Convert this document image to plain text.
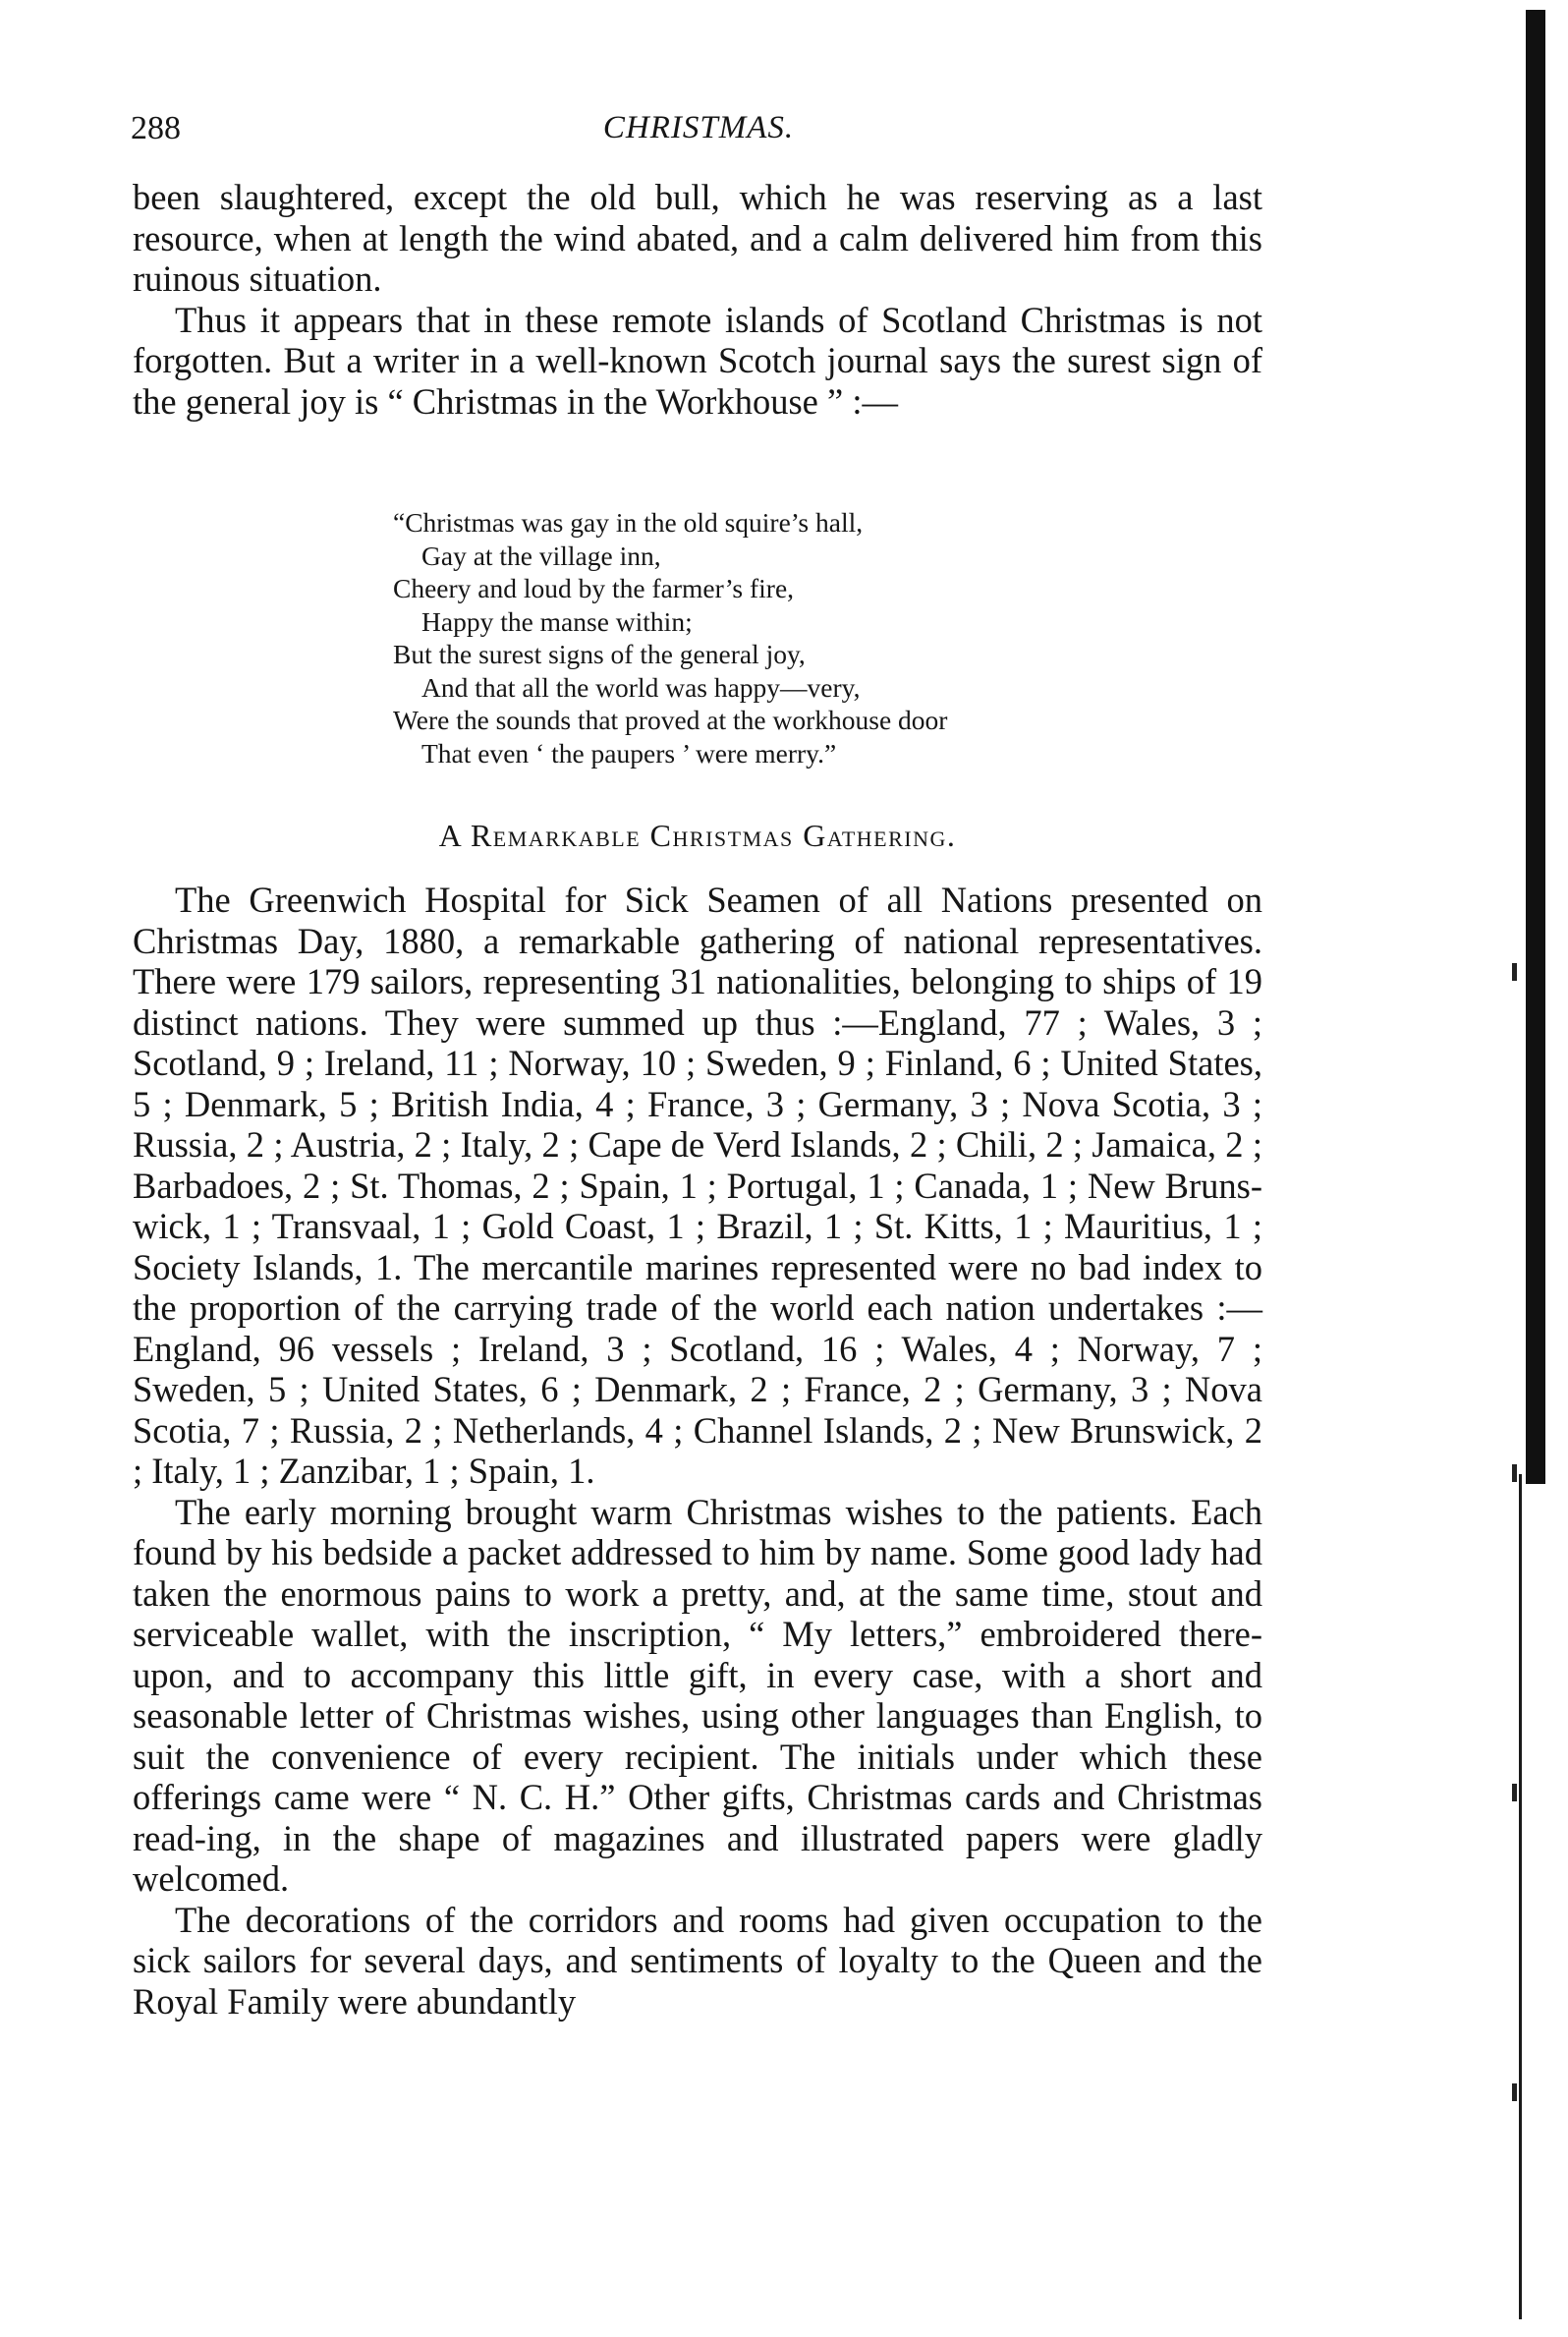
288	CHRISTMAS.

been slaughtered, except the old bull, which he was reserving as a last resource, when at length the wind abated, and a calm delivered him from this ruinous situation.

Thus it appears that in these remote islands of Scotland Christmas is not forgotten. But a writer in a well-known Scotch journal says the surest sign of the general joy is “ Christmas in the Workhouse ” :—

“Christmas was gay in the old squire’s hall,
Gay at the village inn,
Cheery and loud by the farmer’s fire,
Happy the manse within;
But the surest signs of the general joy,
And that all the world was happy—very,
Were the sounds that proved at the workhouse door
That even ‘ the paupers ’ were merry.”
A Remarkable Christmas Gathering.

The Greenwich Hospital for Sick Seamen of all Nations presented on Christmas Day, 1880, a remarkable gathering of national representatives. There were 179 sailors, representing 31 nationalities, belonging to ships of 19 distinct nations. They were summed up thus :—England, 77 ; Wales, 3 ; Scotland, 9 ; Ireland, 11 ; Norway, 10 ; Sweden, 9 ; Finland, 6 ; United States, 5 ; Denmark, 5 ; British India, 4 ; France, 3 ; Germany, 3 ; Nova Scotia, 3 ; Russia, 2 ; Austria, 2 ; Italy, 2 ; Cape de Verd Islands, 2 ; Chili, 2 ; Jamaica, 2 ; Barbadoes, 2 ; St. Thomas, 2 ; Spain, 1 ; Portugal, 1 ; Canada, 1 ; New Bruns-wick, 1 ; Transvaal, 1 ; Gold Coast, 1 ; Brazil, 1 ; St. Kitts, 1 ; Mauritius, 1 ; Society Islands, 1. The mercantile marines represented were no bad index to the proportion of the carrying trade of the world each nation undertakes :—England, 96 vessels ; Ireland, 3 ; Scotland, 16 ; Wales, 4 ; Norway, 7 ; Sweden, 5 ; United States, 6 ; Denmark, 2 ; France, 2 ; Germany, 3 ; Nova Scotia, 7 ; Russia, 2 ; Netherlands, 4 ; Channel Islands, 2 ; New Brunswick, 2 ; Italy, 1 ; Zanzibar, 1 ; Spain, 1.

The early morning brought warm Christmas wishes to the patients. Each found by his bedside a packet addressed to him by name. Some good lady had taken the enormous pains to work a pretty, and, at the same time, stout and serviceable wallet, with the inscription, “ My letters,” embroidered there-upon, and to accompany this little gift, in every case, with a short and seasonable letter of Christmas wishes, using other languages than English, to suit the convenience of every recipient. The initials under which these offerings came were “ N. C. H.” Other gifts, Christmas cards and Christmas read-ing, in the shape of magazines and illustrated papers were gladly welcomed.

The decorations of the corridors and rooms had given occupation to the sick sailors for several days, and sentiments of loyalty to the Queen and the Royal Family were abundantly
